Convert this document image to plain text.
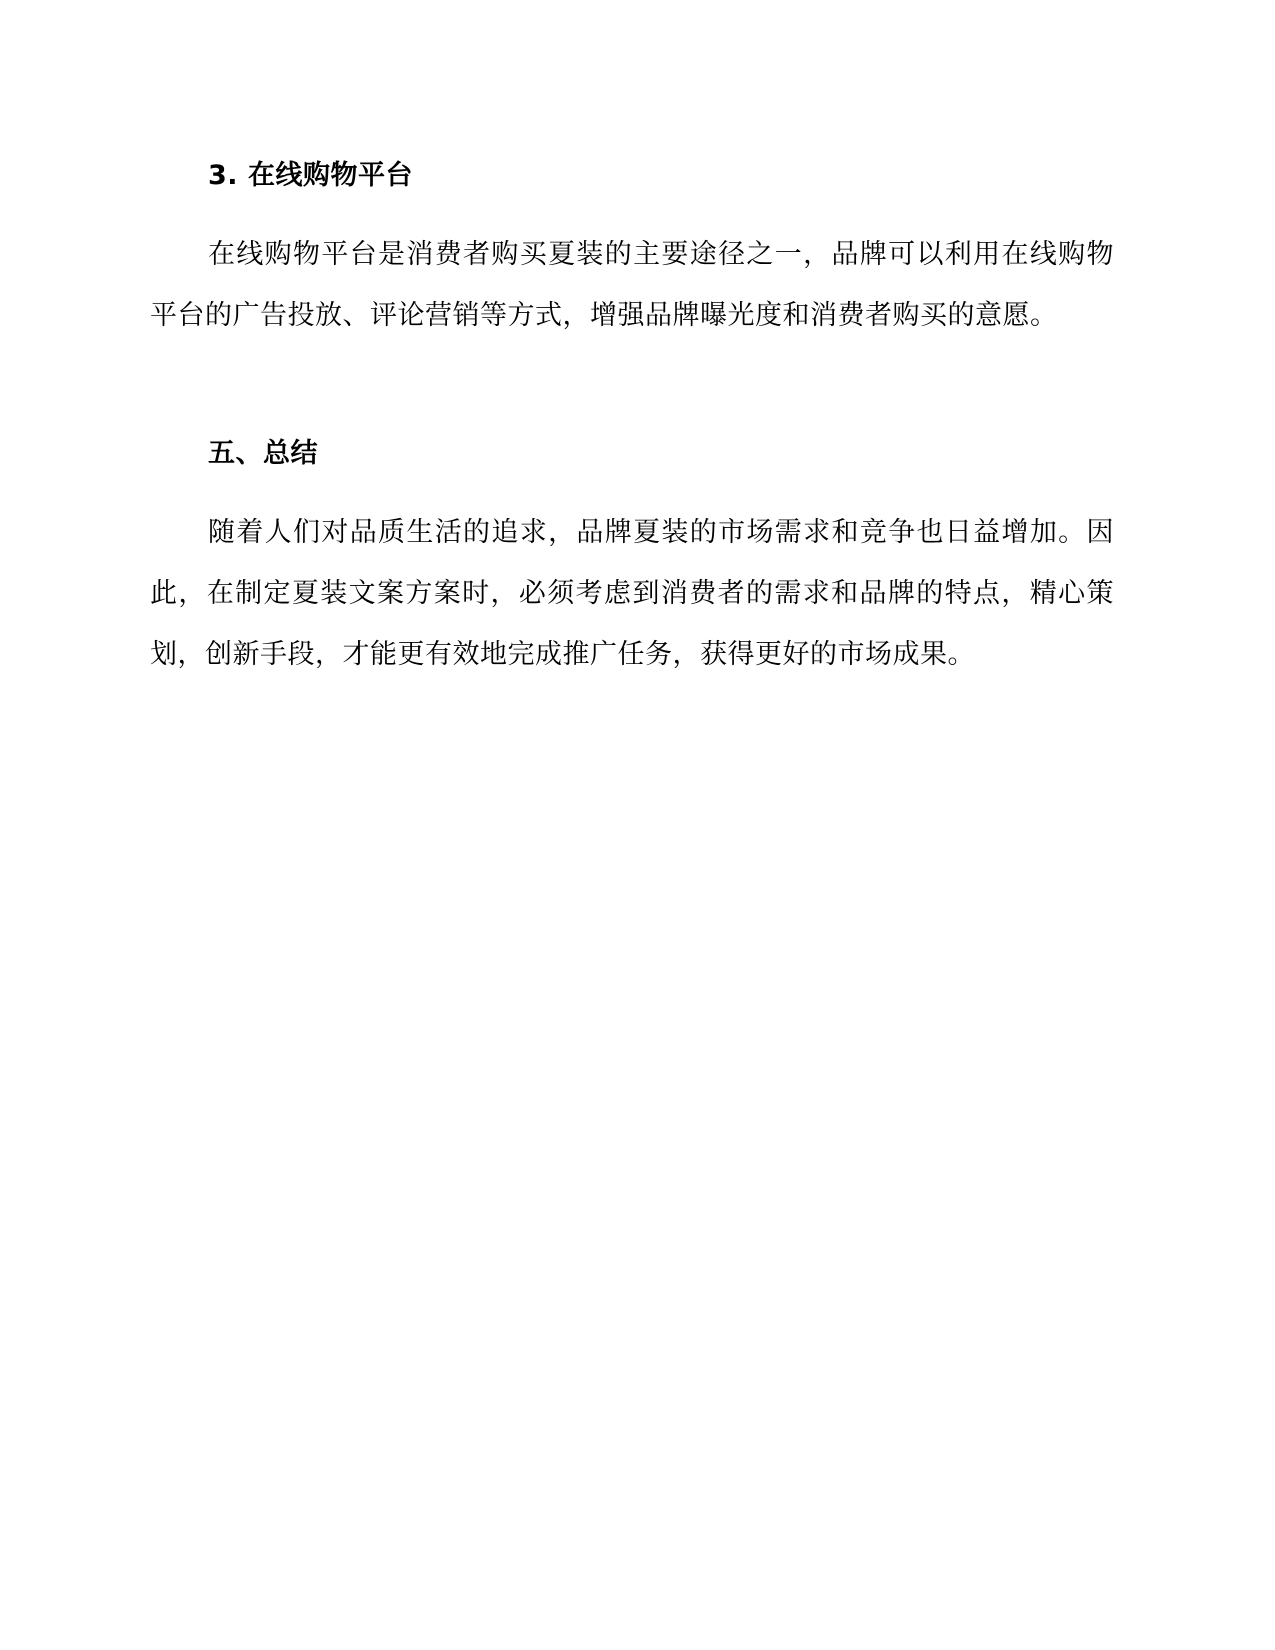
3. 在线购物平台
在线购物平台是消费者购买夏装的主要途径之一，品牌可以利用在线购物平台的广告投放、评论营销等方式，增强品牌曝光度和消费者购买的意愿。
五、总结
随着人们对品质生活的追求，品牌夏装的市场需求和竞争也日益增加。因此，在制定夏装文案方案时，必须考虑到消费者的需求和品牌的特点，精心策划，创新手段，才能更有效地完成推广任务，获得更好的市场成果。
